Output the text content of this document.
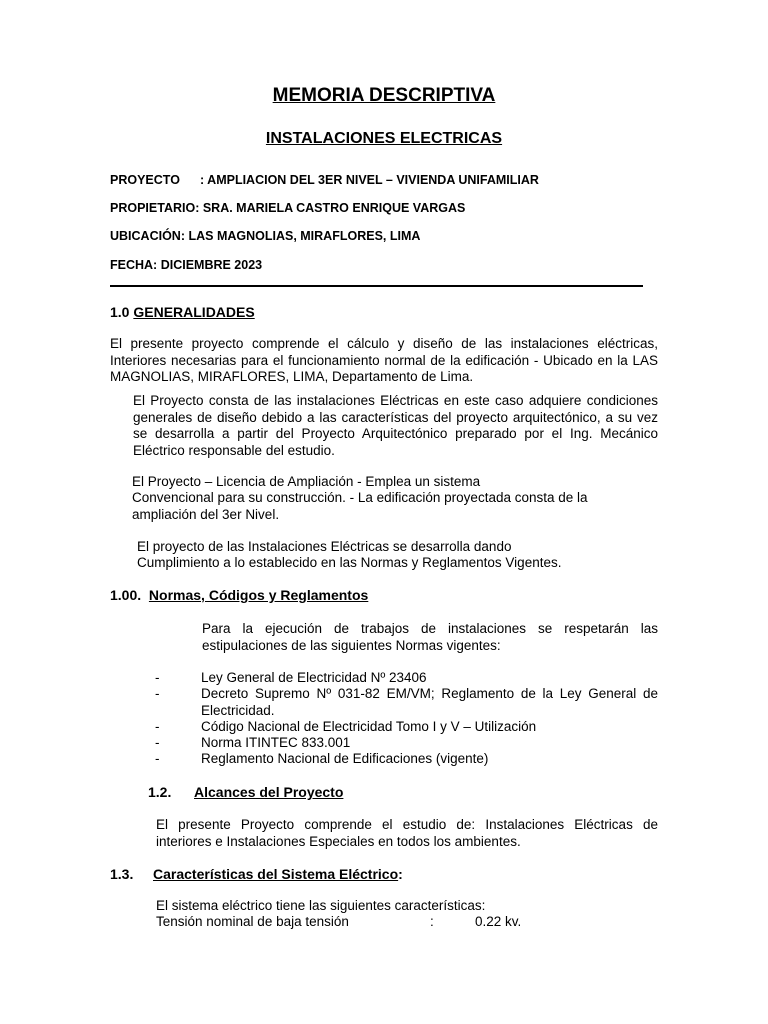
MEMORIA DESCRIPTIVA
INSTALACIONES ELECTRICAS
PROYECTO : AMPLIACION DEL 3ER NIVEL – VIVIENDA UNIFAMILIAR
PROPIETARIO: SRA. MARIELA CASTRO ENRIQUE VARGAS
UBICACIÓN: LAS MAGNOLIAS, MIRAFLORES, LIMA
FECHA: DICIEMBRE 2023
1.0 GENERALIDADES
El presente proyecto comprende el cálculo y diseño de las instalaciones eléctricas, Interiores necesarias para el funcionamiento normal de la edificación - Ubicado en la LAS MAGNOLIAS, MIRAFLORES, LIMA, Departamento de Lima.
El Proyecto consta de las instalaciones Eléctricas en este caso adquiere condiciones generales de diseño debido a las características del proyecto arquitectónico, a su vez se desarrolla a partir del Proyecto Arquitectónico preparado por el Ing. Mecánico Eléctrico responsable del estudio.
El Proyecto – Licencia de Ampliación - Emplea un sistema
Convencional para su construcción. - La edificación proyectada consta de la
ampliación del 3er Nivel.
El proyecto de las Instalaciones Eléctricas se desarrolla dando
Cumplimiento a lo establecido en las Normas y Reglamentos Vigentes.
1.00. Normas, Códigos y Reglamentos
Para la ejecución de trabajos de instalaciones se respetarán las estipulaciones de las siguientes Normas vigentes:
-	Ley General de Electricidad Nº 23406
-	Decreto Supremo Nº 031-82 EM/VM; Reglamento de la Ley General de Electricidad.
-	Código Nacional de Electricidad Tomo I y V – Utilización
-	Norma ITINTEC 833.001
-	Reglamento Nacional de Edificaciones (vigente)
1.2. Alcances del Proyecto
El presente Proyecto comprende el estudio de: Instalaciones Eléctricas de interiores e Instalaciones Especiales en todos los ambientes.
1.3. Características del Sistema Eléctrico:
El sistema eléctrico tiene las siguientes características:
Tensión nominal de baja tensión	:	0.22 kv.
